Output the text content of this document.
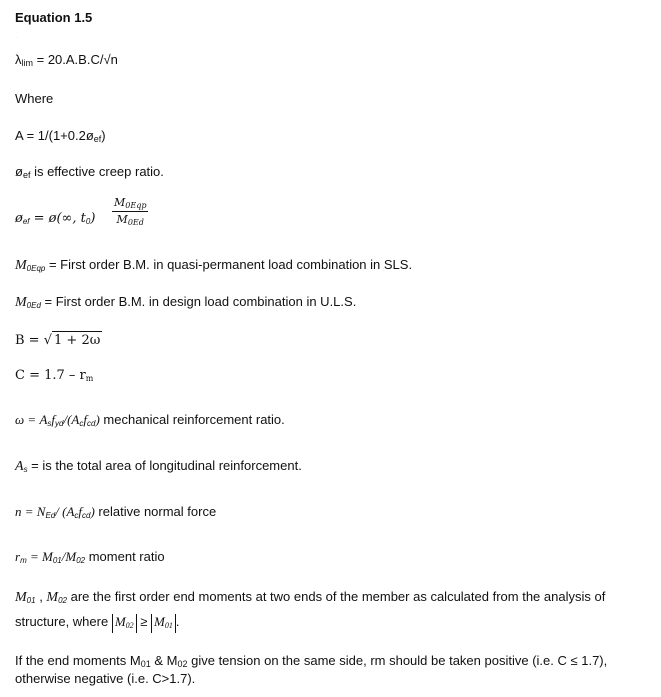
·
Equation 1.5
λlim = 20.A.B.C/√n
Where
A = 1/(1+0.2øef)
øef is effective creep ratio.
$ø_{ef}$ = ø(∞, $t_0$)
$M_{0Eqp}$
$M_{0Ed}$
$M_{0Eqp}$ = First order B.M. in quasi-permanent load combination in SLS.
$M_{0Ed}$ = First order B.M. in design load combination in U.L.S.
B = √ 1 + 2ω
$C = 1.7 - r_m$
$\omega = A_sf_{yd}/(A_cf_{cd})$ mechanical reinforcement ratio.
$A_s$ = is the total area of longitudinal reinforcement.
$n = N_{Ed}/$ $(A_cf_{cd})$ relative normal force
$r_m = M_{01}/M_{02}$ moment ratio
$M_{01}$ , $M_{02}$ are the first order end moments at two ends of the member as calculated from the analysis of
structure, where $M_{02} \ge M_{01}$ .
If the end moments M01 & M02 give tension on the same side, rm should be taken positive (i.e. C ≤ 1.7),
otherwise negative (i.e. C>1.7).
